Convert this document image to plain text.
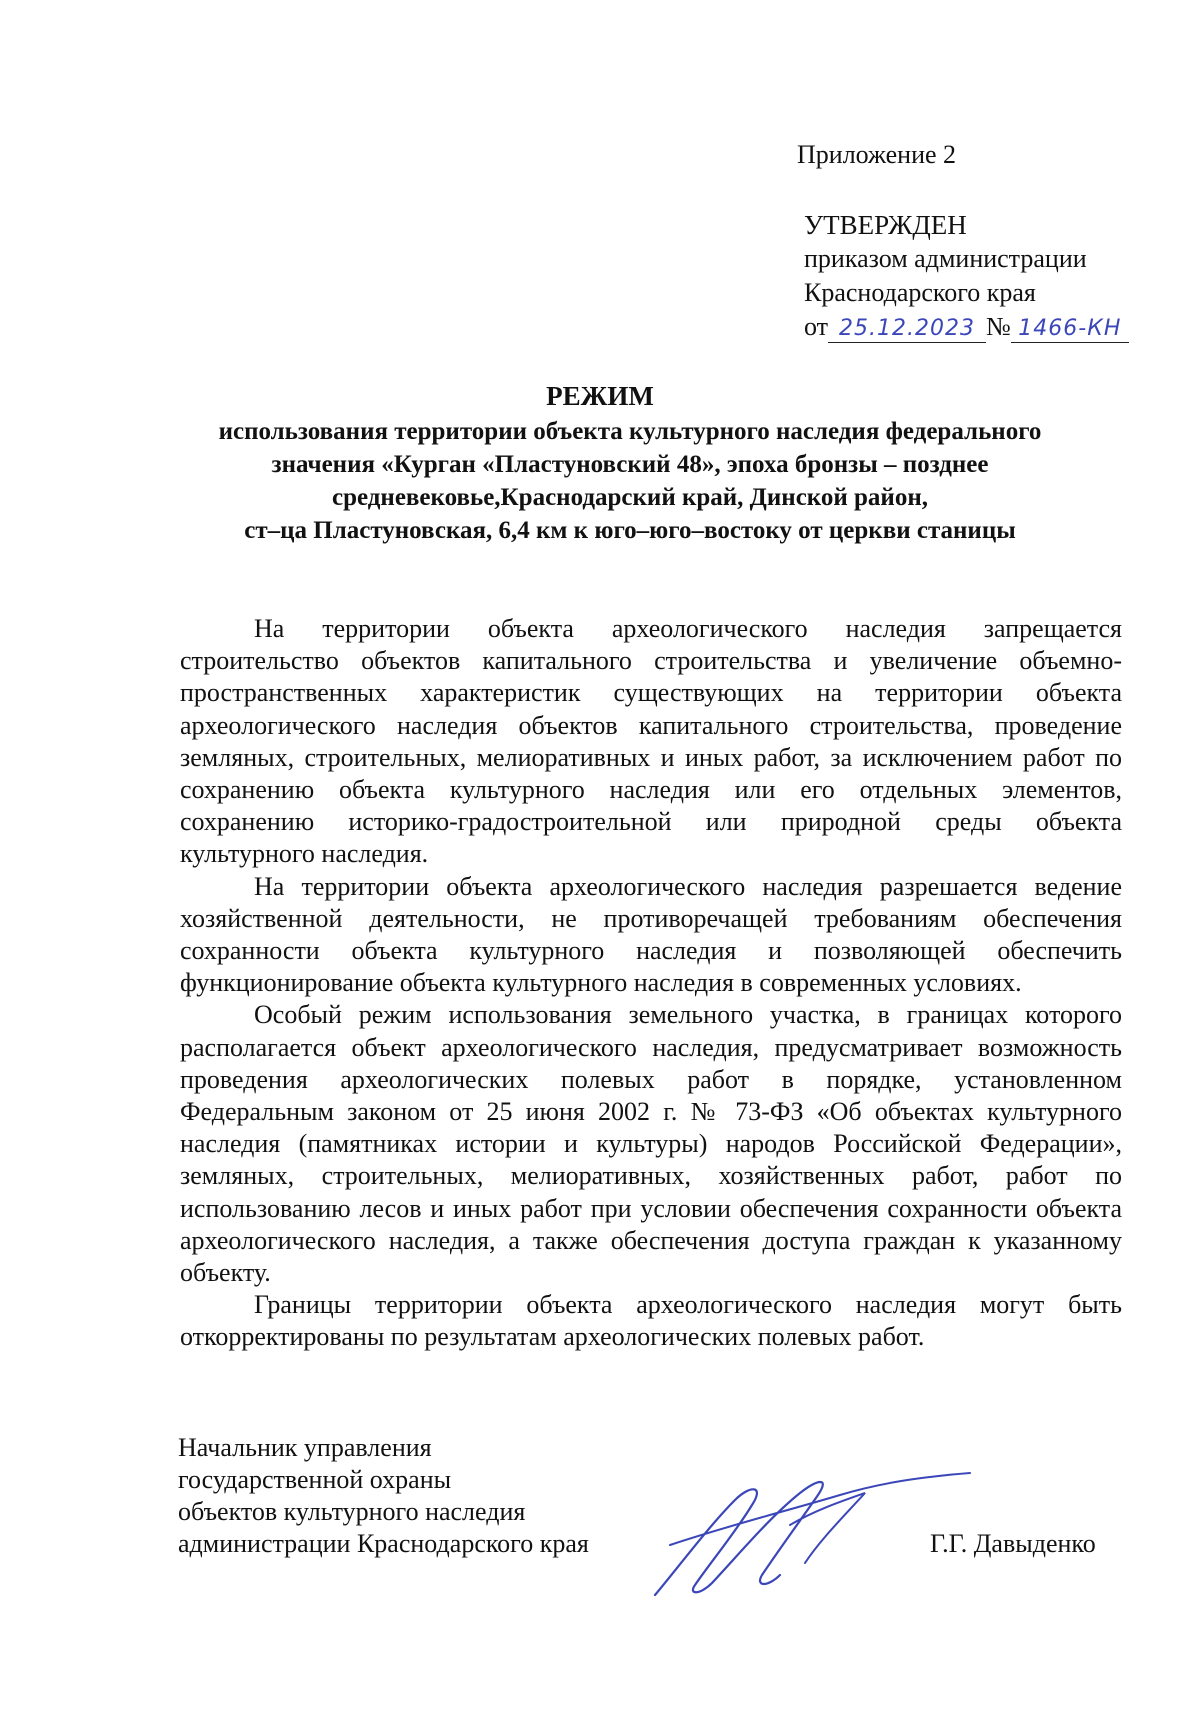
Приложение 2
УТВЕРЖДЕН
приказом администрации
Краснодарского края
от 25.12.2023 № 1466-КН
РЕЖИМ
использования территории объекта культурного наследия федерального
значения «Курган «Пластуновский 48», эпоха бронзы – позднее
средневековье,Краснодарский край, Динской район,
ст–ца Пластуновская, 6,4 км к юго–юго–востоку от церкви станицы

На территории объекта археологического наследия запрещается строительство объектов капитального строительства и увеличение объемно-пространственных характеристик существующих на территории объекта археологического наследия объектов капитального строительства, проведение земляных, строительных, мелиоративных и иных работ, за исключением работ по сохранению объекта культурного наследия или его отдельных элементов, сохранению историко-градостроительной или природной среды объекта культурного наследия.

На территории объекта археологического наследия разрешается ведение хозяйственной деятельности, не противоречащей требованиям обеспечения сохранности объекта культурного наследия и позволяющей обеспечить функционирование объекта культурного наследия в современных условиях.

Особый режим использования земельного участка, в границах которого располагается объект археологического наследия, предусматривает возможность проведения археологических полевых работ в порядке, установленном Федеральным законом от 25 июня 2002 г. № 73-ФЗ «Об объектах культурного наследия (памятниках истории и культуры) народов Российской Федерации», земляных, строительных, мелиоративных, хозяйственных работ, работ по использованию лесов и иных работ при условии обеспечения сохранности объекта археологического наследия, а также обеспечения доступа граждан к указанному объекту.

Границы территории объекта археологического наследия могут быть откорректированы по результатам археологических полевых работ.

Начальник управления
государственной охраны
объектов культурного наследия
администрации Краснодарского края	Г.Г. Давыденко
